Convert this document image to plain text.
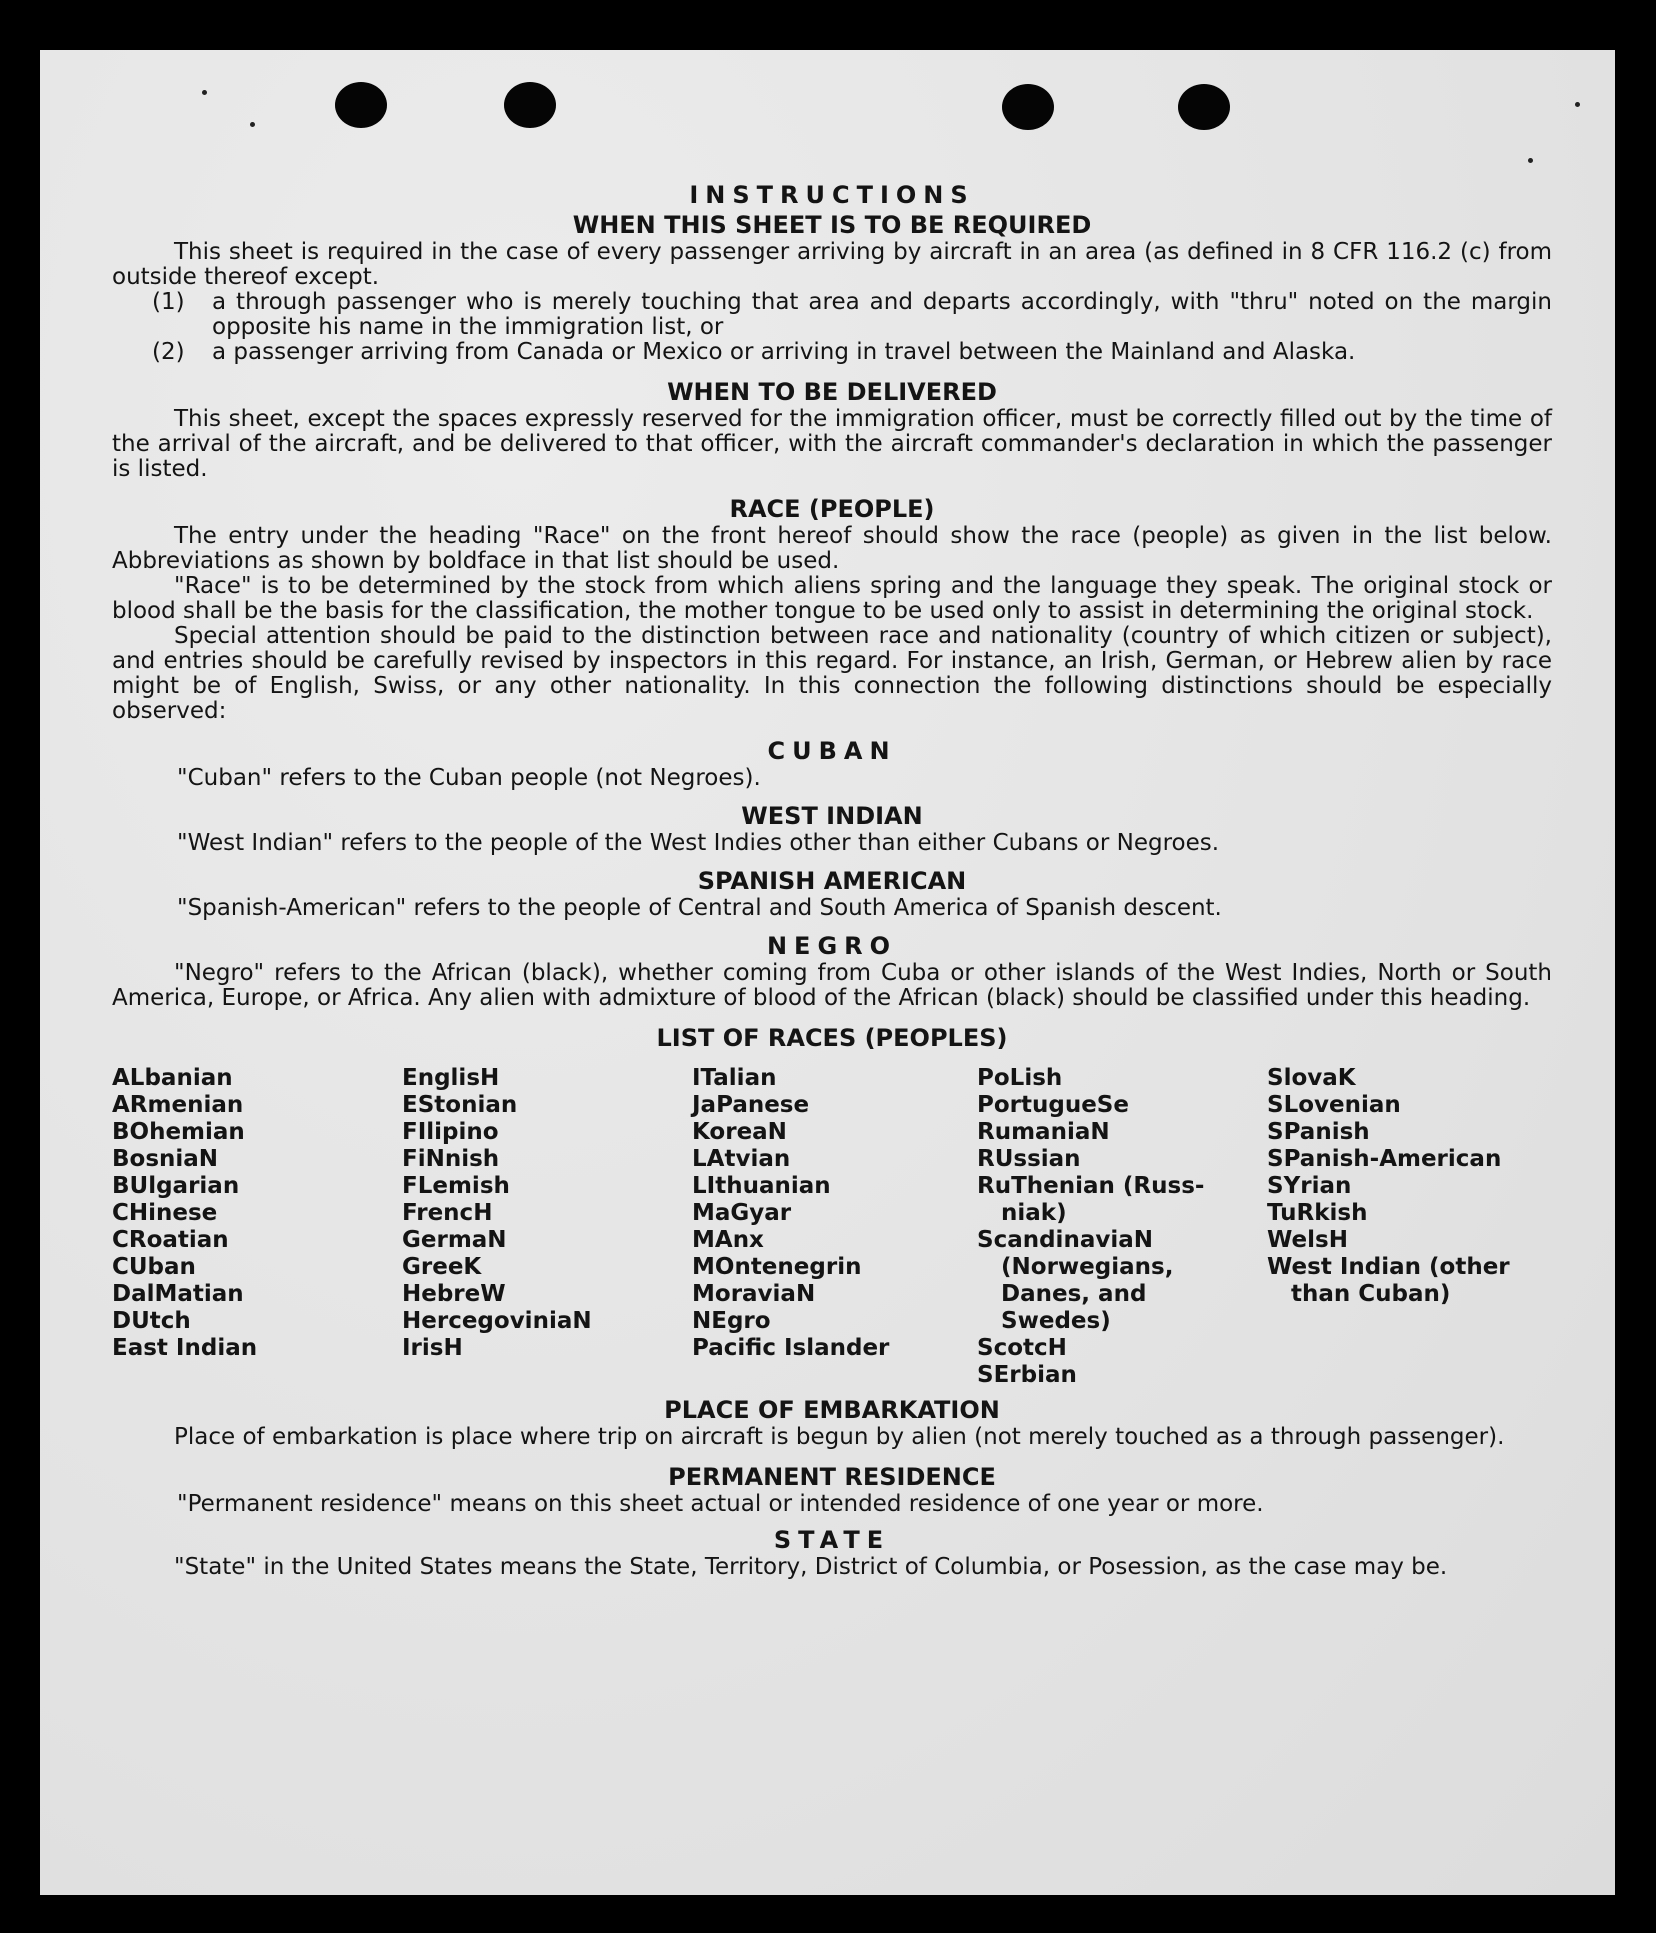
INSTRUCTIONS
WHEN THIS SHEET IS TO BE REQUIRED

This sheet is required in the case of every passenger arriving by aircraft in an area (as defined in 8 CFR 116.2 (c) from outside thereof except.

(1)	a through passenger who is merely touching that area and departs accordingly, with "thru" noted on the margin opposite his name in the immigration list, or
(2)	a passenger arriving from Canada or Mexico or arriving in travel between the Mainland and Alaska.
WHEN TO BE DELIVERED

This sheet, except the spaces expressly reserved for the immigration officer, must be correctly filled out by the time of the arrival of the aircraft, and be delivered to that officer, with the aircraft commander's declaration in which the passenger is listed.

RACE (PEOPLE)

The entry under the heading "Race" on the front hereof should show the race (people) as given in the list below. Abbreviations as shown by boldface in that list should be used.

"Race" is to be determined by the stock from which aliens spring and the language they speak. The original stock or blood shall be the basis for the classification, the mother tongue to be used only to assist in determining the original stock.

Special attention should be paid to the distinction between race and nationality (country of which citizen or subject), and entries should be carefully revised by inspectors in this regard. For instance, an Irish, German, or Hebrew alien by race might be of English, Swiss, or any other nationality. In this connection the following distinctions should be especially observed:

CUBAN

"Cuban" refers to the Cuban people (not Negroes).

WEST INDIAN

"West Indian" refers to the people of the West Indies other than either Cubans or Negroes.

SPANISH AMERICAN

"Spanish-American" refers to the people of Central and South America of Spanish descent.

NEGRO

"Negro" refers to the African (black), whether coming from Cuba or other islands of the West Indies, North or South America, Europe, or Africa. Any alien with admixture of blood of the African (black) should be classified under this heading.

LIST OF RACES (PEOPLES)
ALbanian
ARmenian
BOhemian
BosniaN
BUlgarian
CHinese
CRoatian
CUban
DalMatian
DUtch
East Indian
EnglisH
EStonian
FIlipino
FiNnish
FLemish
FrencH
GermaN
GreeK
HebreW
HercegoviniaN
IrisH
ITalian
JaPanese
KoreaN
LAtvian
LIthuanian
MaGyar
MAnx
MOntenegrin
MoraviaN
NEgro
Pacific Islander
PoLish
PortugueSe
RumaniaN
RUssian
RuThenian (Russ-
niak)
ScandinaviaN
(Norwegians,
Danes, and
Swedes)
ScotcH
SErbian
SlovaK
SLovenian
SPanish
SPanish-American
SYrian
TuRkish
WelsH
West Indian (other
than Cuban)
PLACE OF EMBARKATION

Place of embarkation is place where trip on aircraft is begun by alien (not merely touched as a through passenger).

PERMANENT RESIDENCE

"Permanent residence" means on this sheet actual or intended residence of one year or more.

STATE

"State" in the United States means the State, Territory, District of Columbia, or Posession, as the case may be.
